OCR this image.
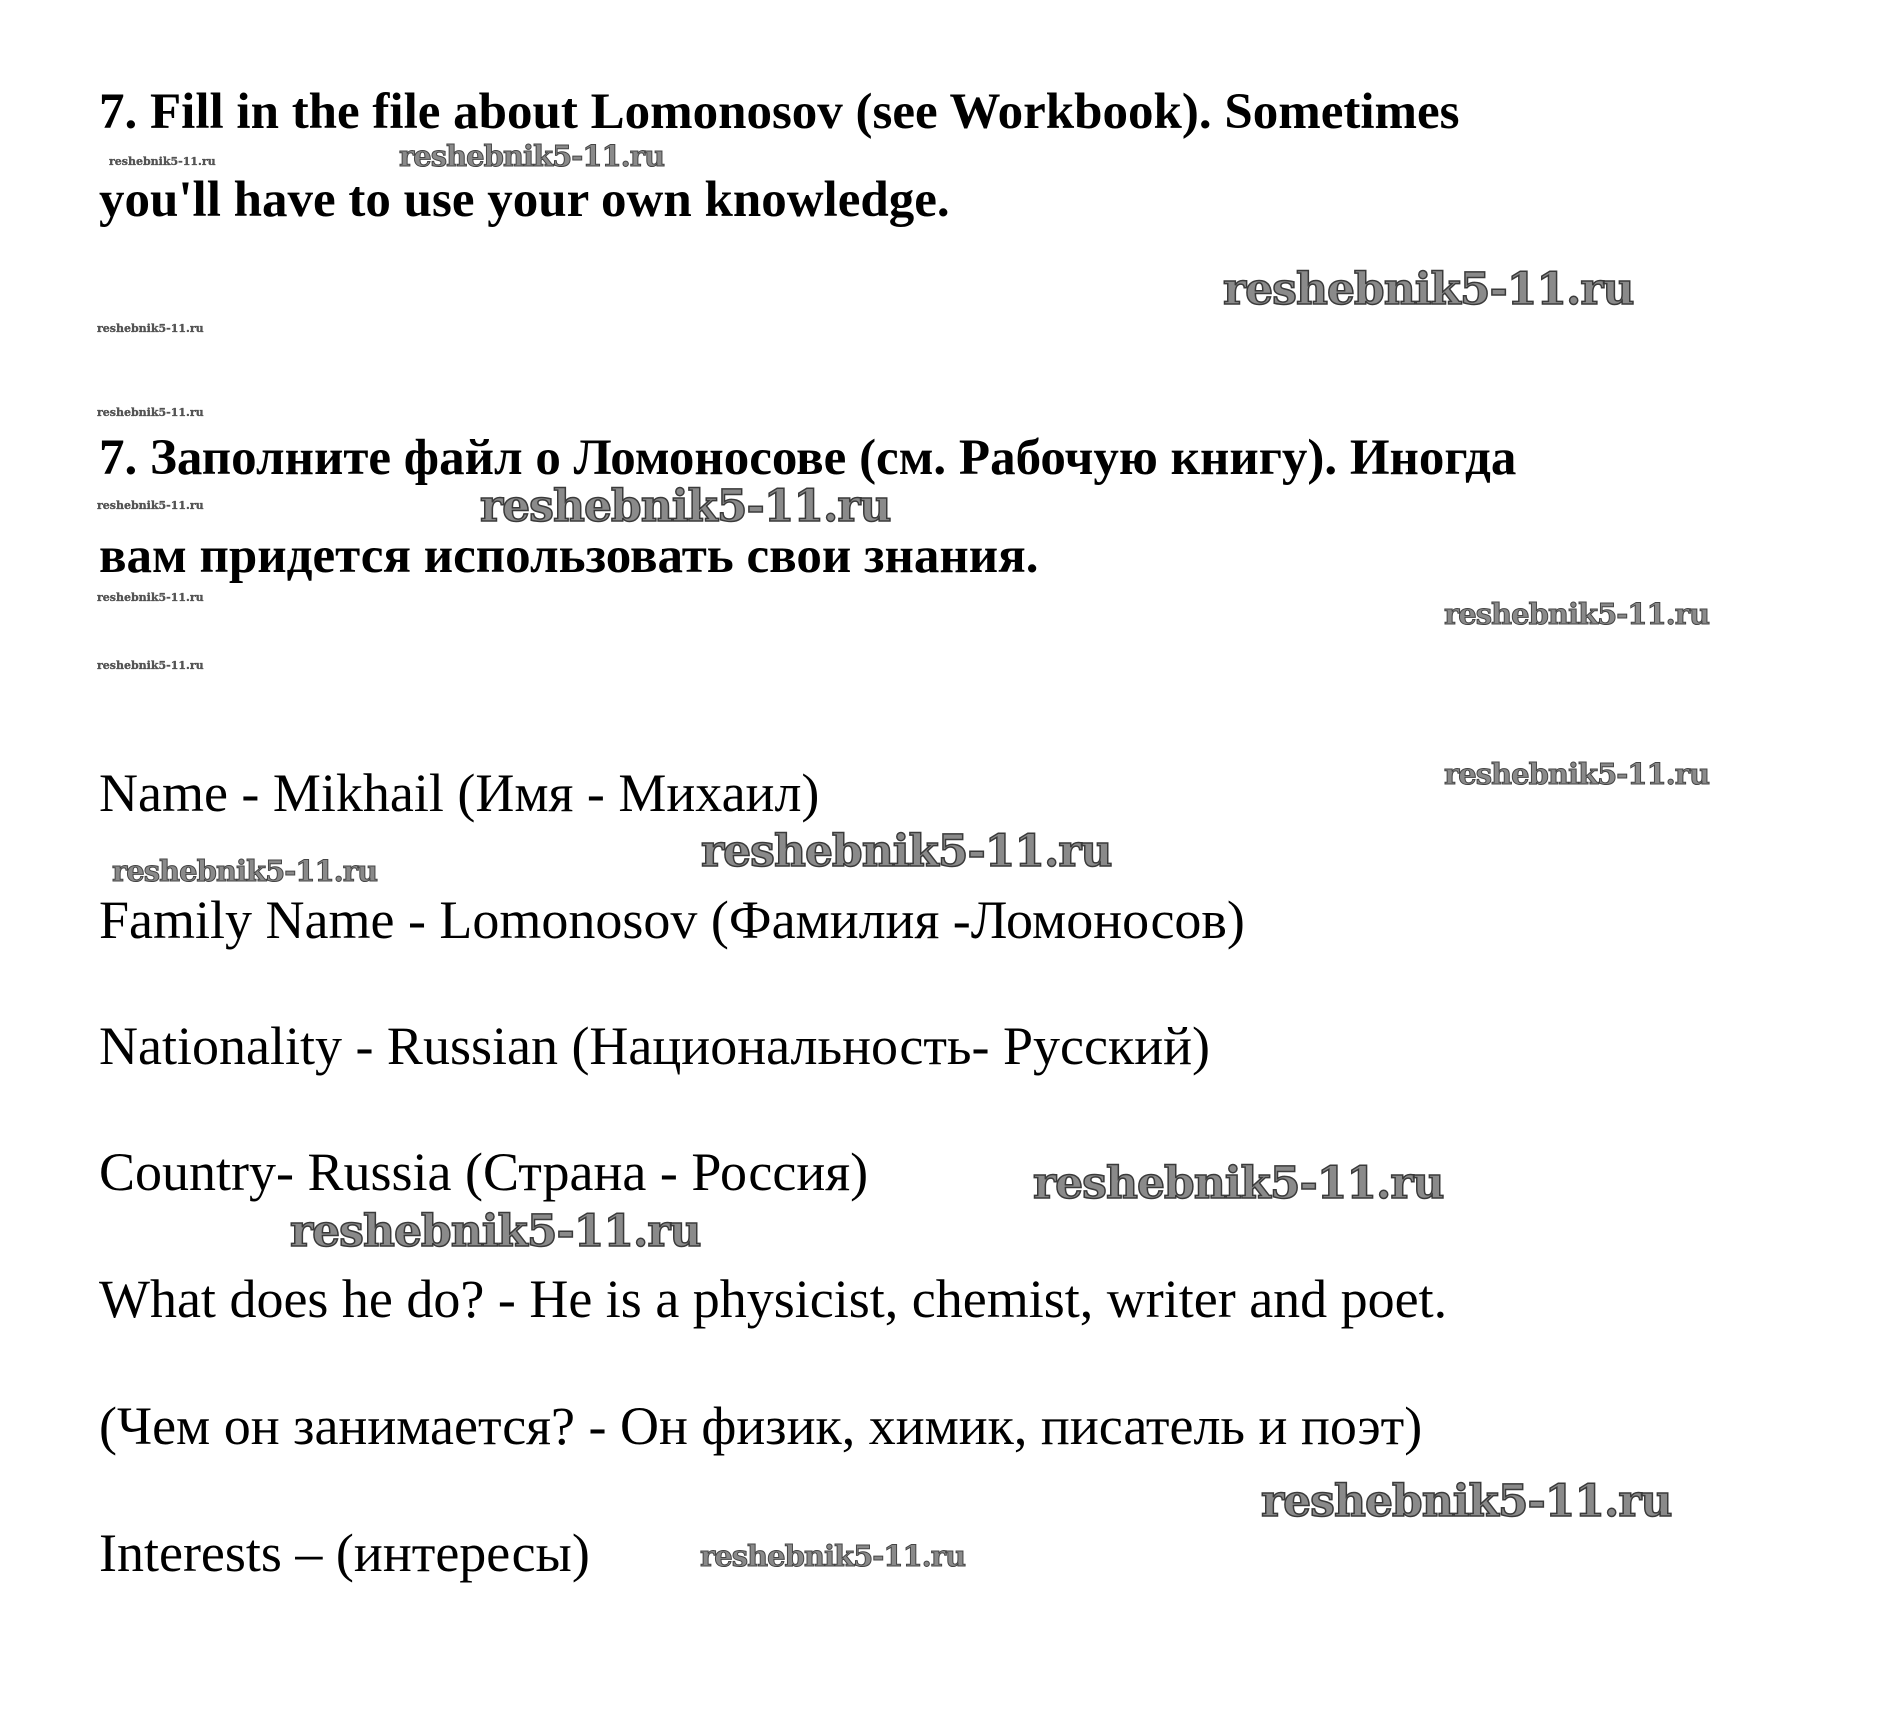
7. Fill in the file about Lomonosov (see Workbook). Sometimes
you'll have to use your own knowledge.
7. Заполните файл о Ломоносове (см. Рабочую книгу). Иногда
вам придется использовать свои знания.

Name - Mikhail (Имя - Михаил)

Family Name - Lomonosov (Фамилия -Ломоносов)

Nationality - Russian (Национальность- Русский)

Country- Russia (Страна - Россия)

What does he do? - He is a physicist, chemist, writer and poet.

(Чем он занимается? - Он физик, химик, писатель и поэт)

Interests – (интересы)

reshebnik5-11.ru
reshebnik5-11.ru
reshebnik5-11.ru
reshebnik5-11.ru
reshebnik5-11.ru
reshebnik5-11.ru
reshebnik5-11.ru
reshebnik5-11.ru
reshebnik5-11.ru
reshebnik5-11.ru
reshebnik5-11.ru
reshebnik5-11.ru
reshebnik5-11.ru
reshebnik5-11.ru
reshebnik5-11.ru
reshebnik5-11.ru
reshebnik5-11.ru
